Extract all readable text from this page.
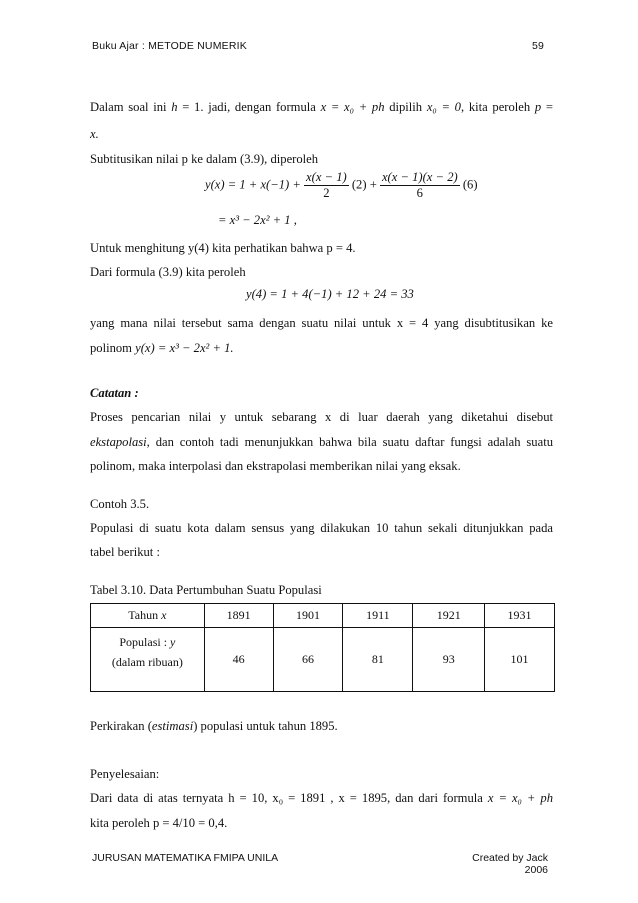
Buku Ajar : METODE NUMERIK	59
Dalam soal ini h = 1. jadi, dengan formula x = x₀ + ph dipilih x₀ = 0, kita peroleh p =
x.
Subtitusikan nilai p ke dalam (3.9), diperoleh
$y(x) = 1 + x(-1) + \frac{x(x - 1)}{2} (2) + \frac{x(x - 1)(x - 2)}{6} (6)$
= x³ − 2x² + 1 ,
Untuk menghitung y(4) kita perhatikan bahwa p = 4.
Dari formula (3.9) kita peroleh
y(4) = 1 + 4(−1) + 12 + 24 = 33
yang mana nilai tersebut sama dengan suatu nilai untuk x = 4 yang disubtitusikan ke
polinom y(x) = x³ − 2x² + 1.
Catatan :
Proses pencarian nilai y untuk sebarang x di luar daerah yang diketahui disebut
ekstapolasi, dan contoh tadi menunjukkan bahwa bila suatu daftar fungsi adalah suatu
polinom, maka interpolasi dan ekstrapolasi memberikan nilai yang eksak.
Contoh 3.5.
Populasi di suatu kota dalam sensus yang dilakukan 10 tahun sekali ditunjukkan pada
tabel berikut :
Tabel 3.10. Data Pertumbuhan Suatu Populasi
Tahun x	1891	1901	1911	1921	1931

Populasi : y
(dalam ribuan)	46	66	81	93	101
Perkirakan (estimasi) populasi untuk tahun 1895.
Penyelesaian:
Dari data di atas ternyata h = 10, x₀ = 1891 , x = 1895, dan dari formula x = x₀ + ph
kita peroleh p = 4/10 = 0,4.
JURUSAN MATEMATIKA FMIPA UNILA	Created by Jack 2006
